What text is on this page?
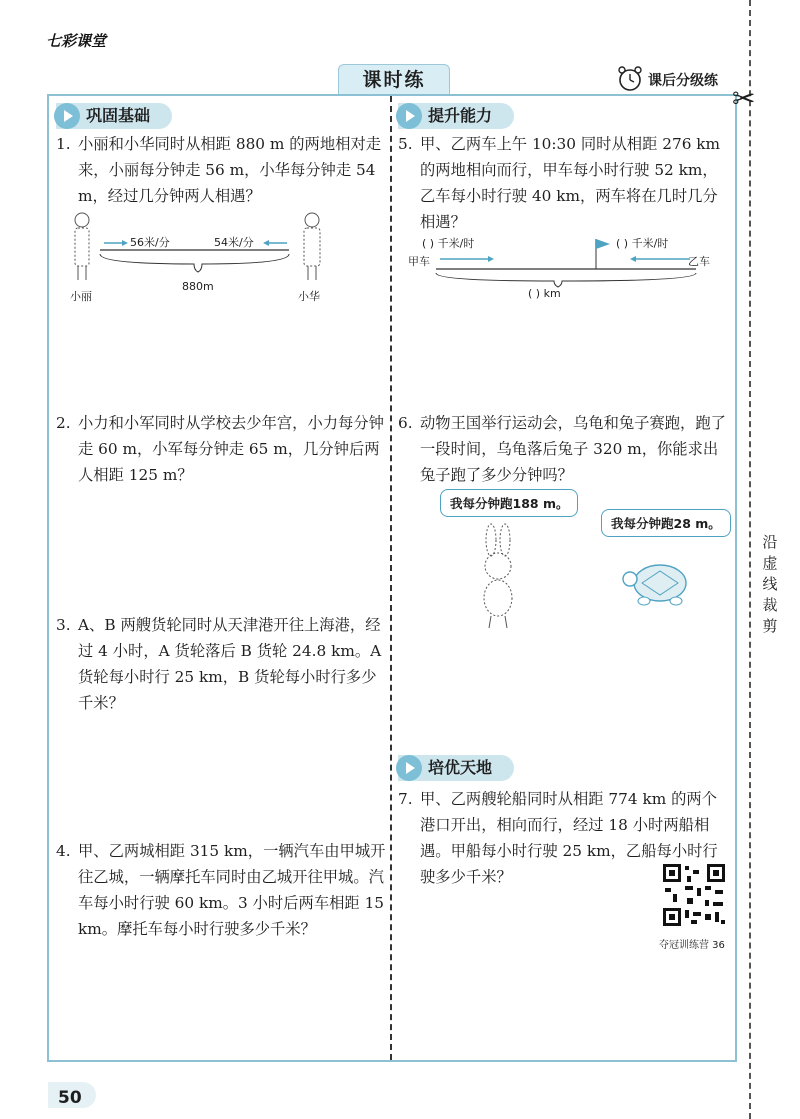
七彩课堂
课时练	课后分级练
✂
沿虚线裁剪
巩固基础	提升能力
培优天地
1. 小丽和小华同时从相距 880 m 的两地相对走来，小丽每分钟走 56 m，小华每分钟走 54 m，经过几分钟两人相遇？
56米/分	54米/分
880m
小丽	小华
2. 小力和小军同时从学校去少年宫，小力每分钟走 60 m，小军每分钟走 65 m，几分钟后两人相距 125 m？
3. A、B 两艘货轮同时从天津港开往上海港，经过 4 小时，A 货轮落后 B 货轮 24.8 km。A 货轮每小时行 25 km，B 货轮每小时行多少千米？
4. 甲、乙两城相距 315 km，一辆汽车由甲城开往乙城，一辆摩托车同时由乙城开往甲城。汽车每小时行驶 60 km。3 小时后两车相距 15 km。摩托车每小时行驶多少千米？
5. 甲、乙两车上午 10:30 同时从相距 276 km 的两地相向而行，甲车每小时行驶 52 km，乙车每小时行驶 40 km，两车将在几时几分相遇？
( ) 千米/时	( ) 千米/时
甲车	乙车
( ) km
6. 动物王国举行运动会，乌龟和兔子赛跑，跑了一段时间，乌龟落后兔子 320 m，你能求出兔子跑了多少分钟吗？
我每分钟跑188 m。
我每分钟跑28 m。
7. 甲、乙两艘轮船同时从相距 774 km 的两个港口开出，相向而行，经过 18 小时两船相遇。甲船每小时行驶 25 km，乙船每小时行驶多少千米？
夺冠训练营 36
50
